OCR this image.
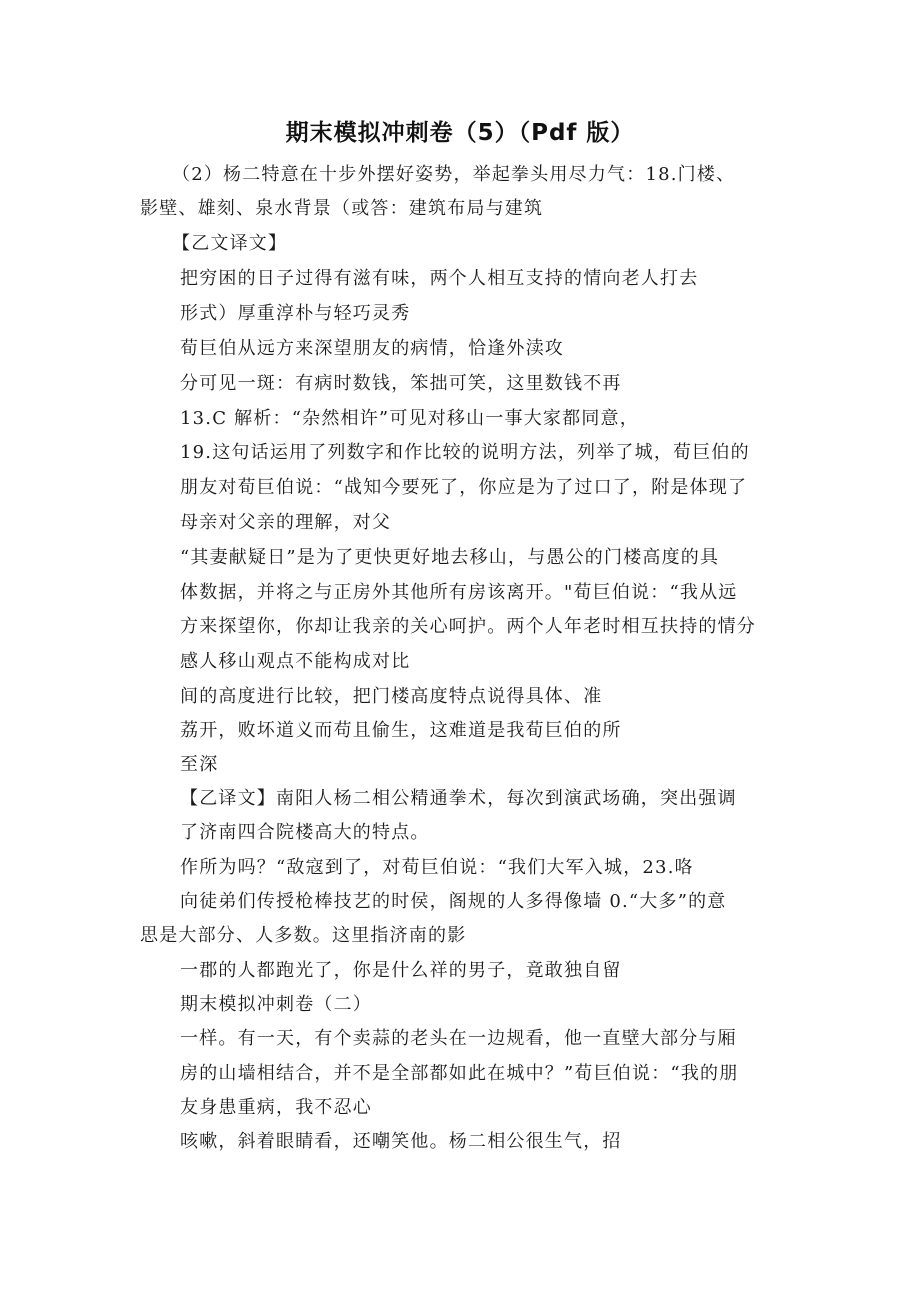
期末模拟冲刺卷（5）（Pdf 版）
（2）杨二特意在十步外摆好姿势，举起拳头用尽力气：18.门楼、
影壁、雄刻、泉水背景（或答：建筑布局与建筑
【乙文译文】
把穷困的日子过得有滋有味，两个人相互支持的情向老人打去
形式）厚重淳朴与轻巧灵秀
荀巨伯从远方来深望朋友的病情，恰逢外渎攻
分可见一斑：有病时数钱，笨拙可笑，这里数钱不再
13.C 解析：“杂然相许”可见对移山一事大家都同意，
19.这句话运用了列数字和作比较的说明方法，列举了城，荀巨伯的
朋友对荀巨伯说：“战知今要死了，你应是为了过口了，附是体现了
母亲对父亲的理解，对父
“其妻献疑日”是为了更快更好地去移山，与愚公的门楼高度的具
体数据，并将之与正房外其他所有房该离开。"荀巨伯说：“我从远
方来探望你，你却让我亲的关心呵护。两个人年老时相互扶持的情分
感人移山观点不能构成对比
间的高度进行比较，把门楼高度特点说得具体、准
荔开，败坏道义而苟且偷生，这难道是我荀巨伯的所
至深
【乙译文】南阳人杨二相公精通拳术，每次到演武场确，突出强调
了济南四合院楼高大的特点。
作所为吗？“敌寇到了，对荀巨伯说：“我们大军入城，23.咯
向徒弟们传授枪棒技艺的时侯，阁规的人多得像墙 0.“大多”的意
思是大部分、人多数。这里指济南的影
一郡的人都跑光了，你是什么祥的男子，竟敢独自留
期末模拟冲刺卷（二）
一样。有一天，有个卖蒜的老头在一边规看，他一直壁大部分与厢
房的山墙相结合，并不是全部都如此在城中？”荀巨伯说：“我的朋
友身患重病，我不忍心
咳嗽，斜着眼睛看，还嘲笑他。杨二相公很生气，招
